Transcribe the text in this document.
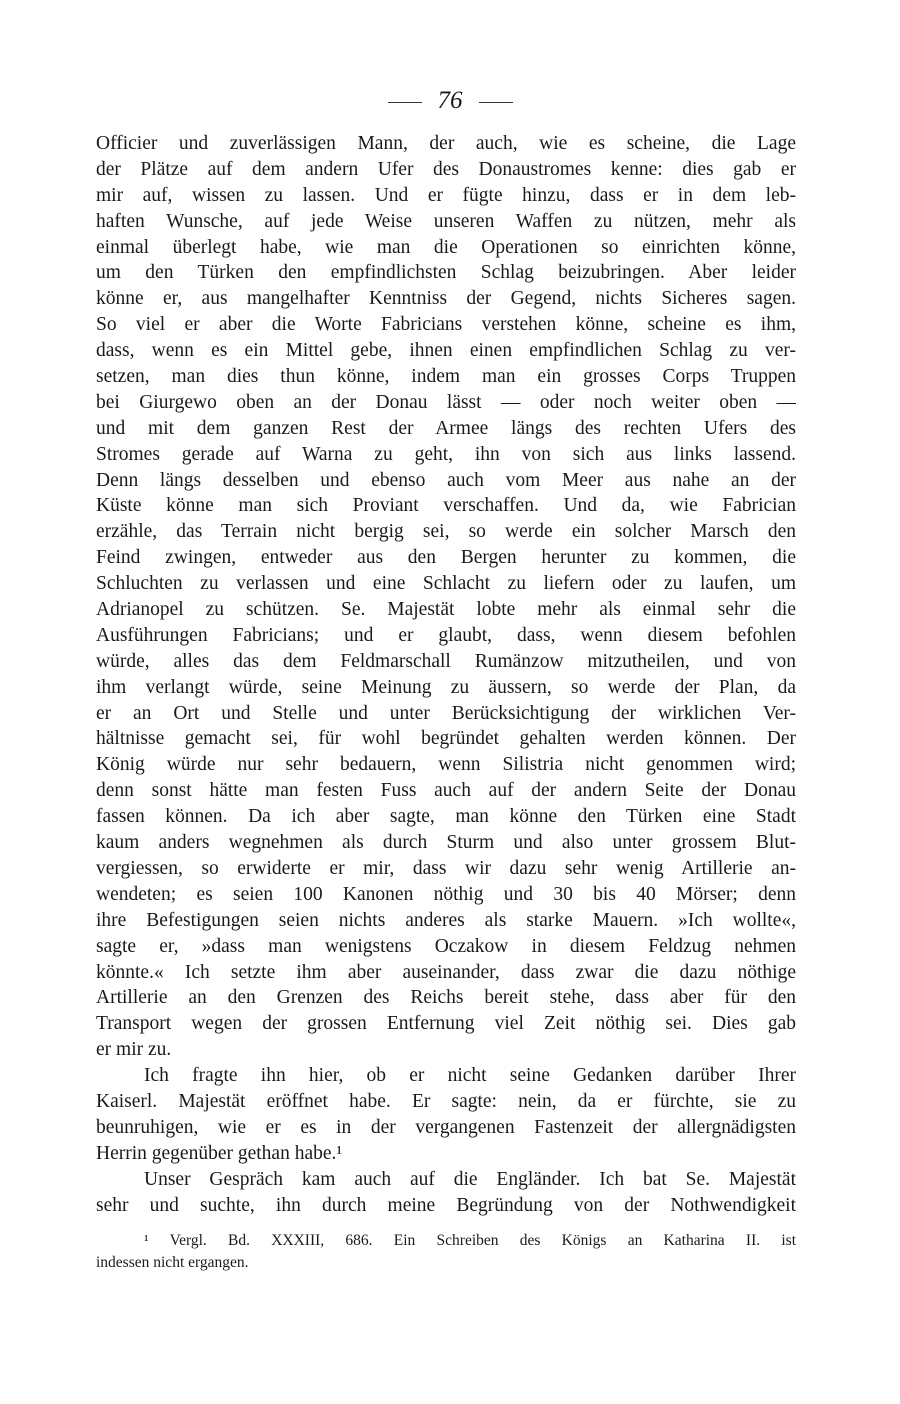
76
Officier und zuverlässigen Mann, der auch, wie es scheine, die Lage
der Plätze auf dem andern Ufer des Donaustromes kenne: dies gab er
mir auf, wissen zu lassen. Und er fügte hinzu, dass er in dem leb-
haften Wunsche, auf jede Weise unseren Waffen zu nützen, mehr als
einmal überlegt habe, wie man die Operationen so einrichten könne,
um den Türken den empfindlichsten Schlag beizubringen. Aber leider
könne er, aus mangelhafter Kenntniss der Gegend, nichts Sicheres sagen.
So viel er aber die Worte Fabricians verstehen könne, scheine es ihm,
dass, wenn es ein Mittel gebe, ihnen einen empfindlichen Schlag zu ver-
setzen, man dies thun könne, indem man ein grosses Corps Truppen
bei Giurgewo oben an der Donau lässt — oder noch weiter oben —
und mit dem ganzen Rest der Armee längs des rechten Ufers des
Stromes gerade auf Warna zu geht, ihn von sich aus links lassend.
Denn längs desselben und ebenso auch vom Meer aus nahe an der
Küste könne man sich Proviant verschaffen. Und da, wie Fabrician
erzähle, das Terrain nicht bergig sei, so werde ein solcher Marsch den
Feind zwingen, entweder aus den Bergen herunter zu kommen, die
Schluchten zu verlassen und eine Schlacht zu liefern oder zu laufen, um
Adrianopel zu schützen. Se. Majestät lobte mehr als einmal sehr die
Ausführungen Fabricians; und er glaubt, dass, wenn diesem befohlen
würde, alles das dem Feldmarschall Rumänzow mitzutheilen, und von
ihm verlangt würde, seine Meinung zu äussern, so werde der Plan, da
er an Ort und Stelle und unter Berücksichtigung der wirklichen Ver-
hältnisse gemacht sei, für wohl begründet gehalten werden können. Der
König würde nur sehr bedauern, wenn Silistria nicht genommen wird;
denn sonst hätte man festen Fuss auch auf der andern Seite der Donau
fassen können. Da ich aber sagte, man könne den Türken eine Stadt
kaum anders wegnehmen als durch Sturm und also unter grossem Blut-
vergiessen, so erwiderte er mir, dass wir dazu sehr wenig Artillerie an-
wendeten; es seien 100 Kanonen nöthig und 30 bis 40 Mörser; denn
ihre Befestigungen seien nichts anderes als starke Mauern. »Ich wollte«,
sagte er, »dass man wenigstens Oczakow in diesem Feldzug nehmen
könnte.« Ich setzte ihm aber auseinander, dass zwar die dazu nöthige
Artillerie an den Grenzen des Reichs bereit stehe, dass aber für den
Transport wegen der grossen Entfernung viel Zeit nöthig sei. Dies gab
er mir zu.
Ich fragte ihn hier, ob er nicht seine Gedanken darüber Ihrer
Kaiserl. Majestät eröffnet habe. Er sagte: nein, da er fürchte, sie zu
beunruhigen, wie er es in der vergangenen Fastenzeit der allergnädigsten
Herrin gegenüber gethan habe.¹
Unser Gespräch kam auch auf die Engländer. Ich bat Se. Majestät
sehr und suchte, ihn durch meine Begründung von der Nothwendigkeit
¹ Vergl. Bd. XXXIII, 686. Ein Schreiben des Königs an Katharina II. ist
indessen nicht ergangen.
